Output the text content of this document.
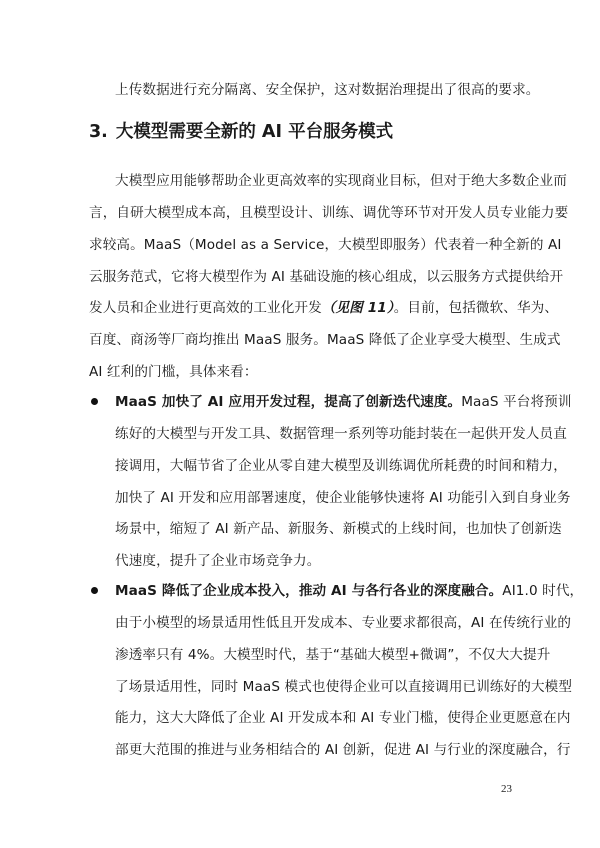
上传数据进行充分隔离、安全保护，这对数据治理提出了很高的要求。
3. 大模型需要全新的 AI 平台服务模式
大模型应用能够帮助企业更高效率的实现商业目标，但对于绝大多数企业而
言，自研大模型成本高，且模型设计、训练、调优等环节对开发人员专业能力要
求较高。MaaS（Model as a Service，大模型即服务）代表着一种全新的 AI
云服务范式，它将大模型作为 AI 基础设施的核心组成，以云服务方式提供给开
发人员和企业进行更高效的工业化开发（见图 11）。目前，包括微软、华为、
百度、商汤等厂商均推出 MaaS 服务。MaaS 降低了企业享受大模型、生成式
AI 红利的门槛，具体来看：
MaaS 加快了 AI 应用开发过程，提高了创新迭代速度。MaaS 平台将预训
练好的大模型与开发工具、数据管理一系列等功能封装在一起供开发人员直
接调用，大幅节省了企业从零自建大模型及训练调优所耗费的时间和精力，
加快了 AI 开发和应用部署速度，使企业能够快速将 AI 功能引入到自身业务
场景中，缩短了 AI 新产品、新服务、新模式的上线时间，也加快了创新迭
代速度，提升了企业市场竞争力。
MaaS 降低了企业成本投入，推动 AI 与各行各业的深度融合。AI1.0 时代，
由于小模型的场景适用性低且开发成本、专业要求都很高，AI 在传统行业的
渗透率只有 4%。大模型时代，基于“基础大模型+微调”，不仅大大提升
了场景适用性，同时 MaaS 模式也使得企业可以直接调用已训练好的大模型
能力，这大大降低了企业 AI 开发成本和 AI 专业门槛，使得企业更愿意在内
部更大范围的推进与业务相结合的 AI 创新，促进 AI 与行业的深度融合，行
23
